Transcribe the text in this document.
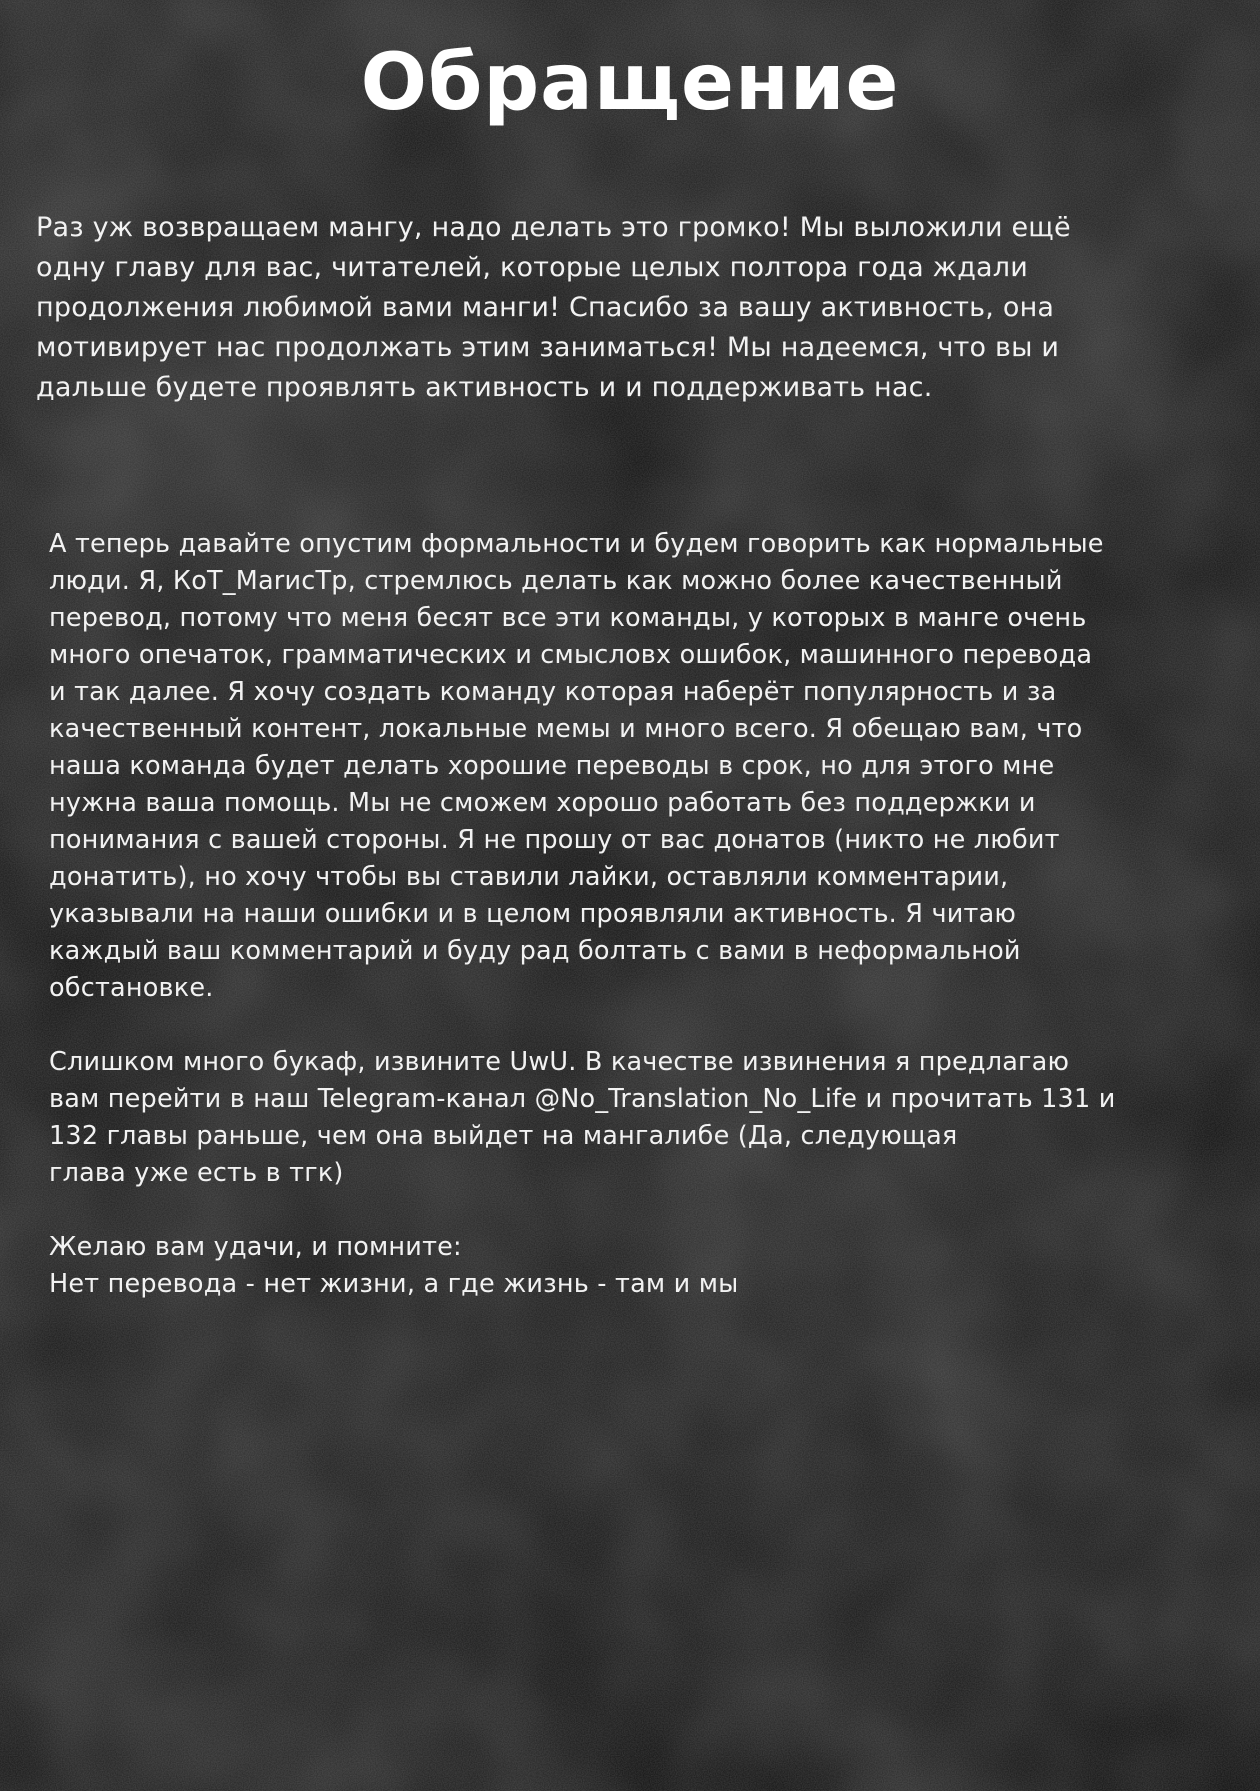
Обращение

Раз уж возвращаем мангу, надо делать это громко! Мы выложили ещё

одну главу для вас, читателей, которые целых полтора года ждали

продолжения любимой вами манги! Спасибо за вашу активность, она

мотивирует нас продолжать этим заниматься! Мы надеемся, что вы и

дальше будете проявлять активность и и поддерживать нас.

А теперь давайте опустим формальности и будем говорить как нормальные

люди. Я, КоТ_МаrисТр, стремлюсь делать как можно более качественный

перевод, потому что меня бесят все эти команды, у которых в манге очень

много опечаток, грамматических и смысловх ошибок, машинного перевода

и так далее. Я хочу создать команду которая наберёт популярность и за

качественный контент, локальные мемы и много всего. Я обещаю вам, что

наша команда будет делать хорошие переводы в срок, но для этого мне

нужна ваша помощь. Мы не сможем хорошо работать без поддержки и

понимания с вашей стороны. Я не прошу от вас донатов (никто не любит

донатить), но хочу чтобы вы ставили лайки, оставляли комментарии,

указывали на наши ошибки и в целом проявляли активность. Я читаю

каждый ваш комментарий и буду рад болтать с вами в неформальной

обстановке.

Слишком много букаф, извините UwU. В качестве извинения я предлагаю

вам перейти в наш Telegram-канал @No_Translation_No_Life и прочитать 131 и

132 главы раньше, чем она выйдет на мангалибе (Да, следующая

глава уже есть в тгк)

Желаю вам удачи, и помните:

Нет перевода - нет жизни, а где жизнь - там и мы
